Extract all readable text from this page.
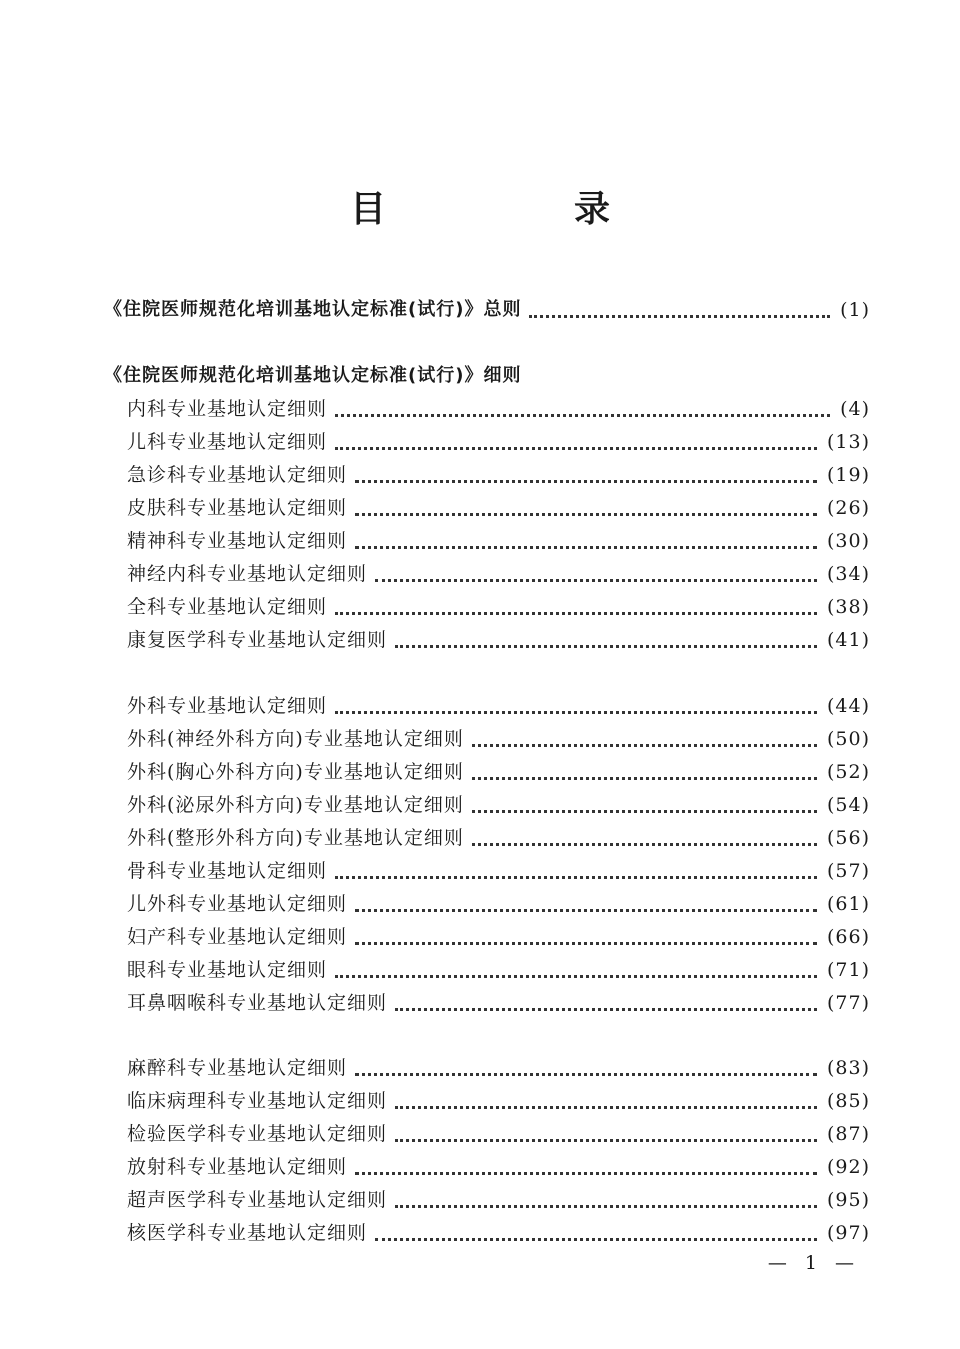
目　录
《住院医师规范化培训基地认定标准(试行)》总则	(1)
《住院医师规范化培训基地认定标准(试行)》细则
内科专业基地认定细则	(4)
儿科专业基地认定细则	(13)
急诊科专业基地认定细则	(19)
皮肤科专业基地认定细则	(26)
精神科专业基地认定细则	(30)
神经内科专业基地认定细则	(34)
全科专业基地认定细则	(38)
康复医学科专业基地认定细则	(41)
外科专业基地认定细则	(44)
外科(神经外科方向)专业基地认定细则	(50)
外科(胸心外科方向)专业基地认定细则	(52)
外科(泌尿外科方向)专业基地认定细则	(54)
外科(整形外科方向)专业基地认定细则	(56)
骨科专业基地认定细则	(57)
儿外科专业基地认定细则	(61)
妇产科专业基地认定细则	(66)
眼科专业基地认定细则	(71)
耳鼻咽喉科专业基地认定细则	(77)
麻醉科专业基地认定细则	(83)
临床病理科专业基地认定细则	(85)
检验医学科专业基地认定细则	(87)
放射科专业基地认定细则	(92)
超声医学科专业基地认定细则	(95)
核医学科专业基地认定细则	(97)
— 1 —
